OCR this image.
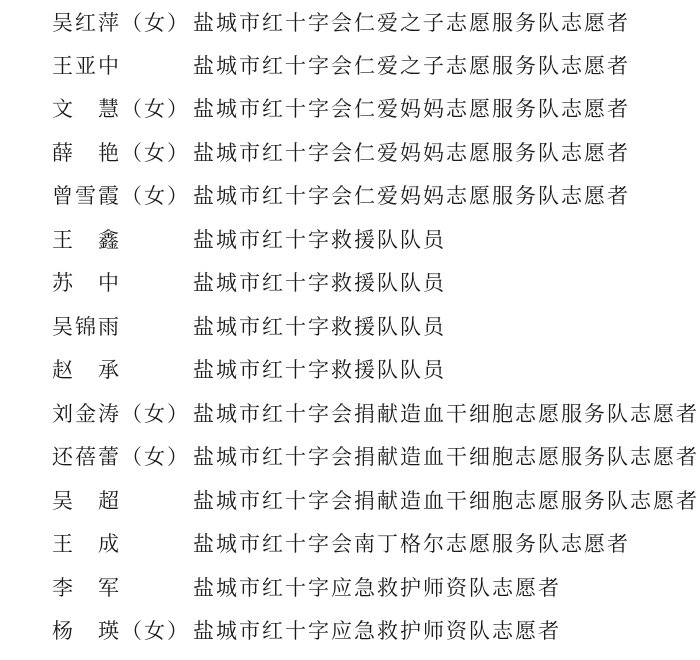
吴红萍（女） 盐城市红十字会仁爱之子志愿服务队志愿者
王亚中	盐城市红十字会仁爱之子志愿服务队志愿者
文　慧（女） 盐城市红十字会仁爱妈妈志愿服务队志愿者
薛　艳（女） 盐城市红十字会仁爱妈妈志愿服务队志愿者
曾雪霞（女） 盐城市红十字会仁爱妈妈志愿服务队志愿者
王　鑫	盐城市红十字救援队队员
苏　中	盐城市红十字救援队队员
吴锦雨	盐城市红十字救援队队员
赵　承	盐城市红十字救援队队员
刘金涛（女） 盐城市红十字会捐献造血干细胞志愿服务队志愿者
还蓓蕾（女） 盐城市红十字会捐献造血干细胞志愿服务队志愿者
吴　超	盐城市红十字会捐献造血干细胞志愿服务队志愿者
王　成	盐城市红十字会南丁格尔志愿服务队志愿者
李　军	盐城市红十字应急救护师资队志愿者
杨　瑛（女） 盐城市红十字应急救护师资队志愿者
